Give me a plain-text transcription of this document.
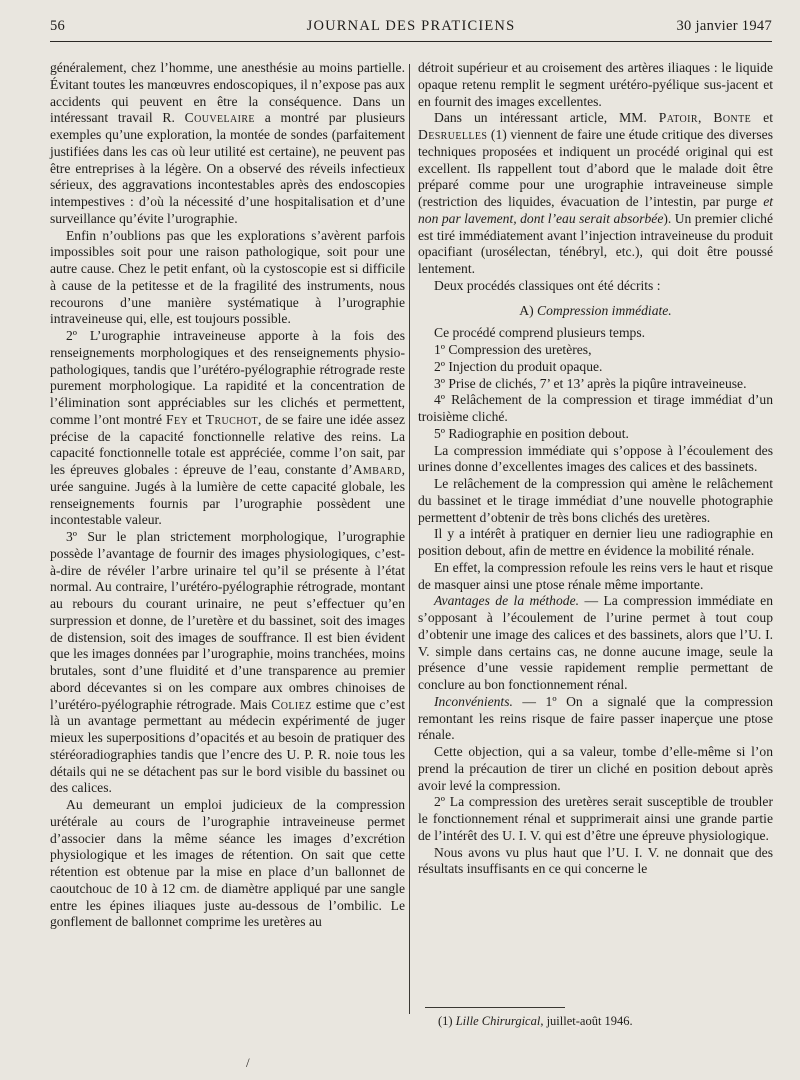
56	JOURNAL DES PRATICIENS	30 janvier 1947

généralement, chez l’homme, une anesthésie au moins partielle. Évitant toutes les manœuvres endoscopiques, il n’expose pas aux accidents qui peuvent en être la conséquence. Dans un intéressant travail R. Couvelaire a montré par plusieurs exemples qu’une exploration, la montée de sondes (parfaitement justifiées dans les cas où leur utilité est certaine), ne peuvent pas être entreprises à la légère. On a observé des réveils infectieux sérieux, des aggravations incontestables après des endoscopies intempestives : d’où la nécessité d’une hospitalisation et d’une surveillance qu’évite l’urographie.

Enfin n’oublions pas que les explorations s’avèrent parfois impossibles soit pour une raison pathologique, soit pour une autre cause. Chez le petit enfant, où la cystoscopie est si difficile à cause de la petitesse et de la fragilité des instruments, nous recourons d’une manière systématique à l’urographie intraveineuse qui, elle, est toujours possible.

2º L’urographie intraveineuse apporte à la fois des renseignements morphologiques et des renseignements physio-pathologiques, tandis que l’urétéro-pyélographie rétrograde reste purement morphologique. La rapidité et la concentration de l’élimination sont appréciables sur les clichés et permettent, comme l’ont montré Fey et Truchot, de se faire une idée assez précise de la capacité fonctionnelle relative des reins. La capacité fonctionnelle totale est appréciée, comme l’on sait, par les épreuves globales : épreuve de l’eau, constante d’Ambard, urée sanguine. Jugés à la lumière de cette capacité globale, les renseignements fournis par l’urographie possèdent une incontestable valeur.

3º Sur le plan strictement morphologique, l’urographie possède l’avantage de fournir des images physiologiques, c’est-à-dire de révéler l’arbre urinaire tel qu’il se présente à l’état normal. Au contraire, l’urétéro-pyélographie rétrograde, montant au rebours du courant urinaire, ne peut s’effectuer qu’en surpression et donne, de l’uretère et du bassinet, soit des images de distension, soit des images de souffrance. Il est bien évident que les images données par l’urographie, moins tranchées, moins brutales, sont d’une fluidité et d’une transparence au premier abord décevantes si on les compare aux ombres chinoises de l’urétéro-pyélographie rétrograde. Mais Coliez estime que c’est là un avantage permettant au médecin expérimenté de juger mieux les superpositions d’opacités et au besoin de pratiquer des stéréoradiographies tandis que l’encre des U. P. R. noie tous les détails qui ne se détachent pas sur le bord visible du bassinet ou des calices.

Au demeurant un emploi judicieux de la compression urétérale au cours de l’urographie intraveineuse permet d’associer dans la même séance les images d’excrétion physiologique et les images de rétention. On sait que cette rétention est obtenue par la mise en place d’un ballonnet de caoutchouc de 10 à 12 cm. de diamètre appliqué par une sangle entre les épines iliaques juste au-dessous de l’ombilic. Le gonflement de ballonnet comprime les uretères au

détroit supérieur et au croisement des artères iliaques : le liquide opaque retenu remplit le segment urétéro-pyélique sus-jacent et en fournit des images excellentes.

Dans un intéressant article, MM. Patoir, Bonte et Desruelles (1) viennent de faire une étude critique des diverses techniques proposées et indiquent un procédé original qui est excellent. Ils rappellent tout d’abord que le malade doit être préparé comme pour une urographie intraveineuse simple (restriction des liquides, évacuation de l’intestin, par purge et non par lavement, dont l’eau serait absorbée). Un premier cliché est tiré immédiatement avant l’injection intraveineuse du produit opacifiant (urosélectan, ténébryl, etc.), qui doit être poussé lentement.

Deux procédés classiques ont été décrits :

A) Compression immédiate.

Ce procédé comprend plusieurs temps.

1º Compression des uretères,

2º Injection du produit opaque.

3º Prise de clichés, 7’ et 13’ après la piqûre intraveineuse.

4º Relâchement de la compression et tirage immédiat d’un troisième cliché.

5º Radiographie en position debout.

La compression immédiate qui s’oppose à l’écoulement des urines donne d’excellentes images des calices et des bassinets.

Le relâchement de la compression qui amène le relâchement du bassinet et le tirage immédiat d’une nouvelle photographie permettent d’obtenir de très bons clichés des uretères.

Il y a intérêt à pratiquer en dernier lieu une radiographie en position debout, afin de mettre en évidence la mobilité rénale.

En effet, la compression refoule les reins vers le haut et risque de masquer ainsi une ptose rénale même importante.

Avantages de la méthode. — La compression immédiate en s’opposant à l’écoulement de l’urine permet à tout coup d’obtenir une image des calices et des bassinets, alors que l’U. I. V. simple dans certains cas, ne donne aucune image, seule la présence d’une vessie rapidement remplie permettant de conclure au bon fonctionnement rénal.

Inconvénients. — 1º On a signalé que la compression remontant les reins risque de faire passer inaperçue une ptose rénale.

Cette objection, qui a sa valeur, tombe d’elle-même si l’on prend la précaution de tirer un cliché en position debout après avoir levé la compression.

2º La compression des uretères serait susceptible de troubler le fonctionnement rénal et supprimerait ainsi une grande partie de l’intérêt des U. I. V. qui est d’être une épreuve physiologique.

Nous avons vu plus haut que l’U. I. V. ne donnait que des résultats insuffisants en ce qui concerne le

(1) Lille Chirurgical, juillet-août 1946.
/
